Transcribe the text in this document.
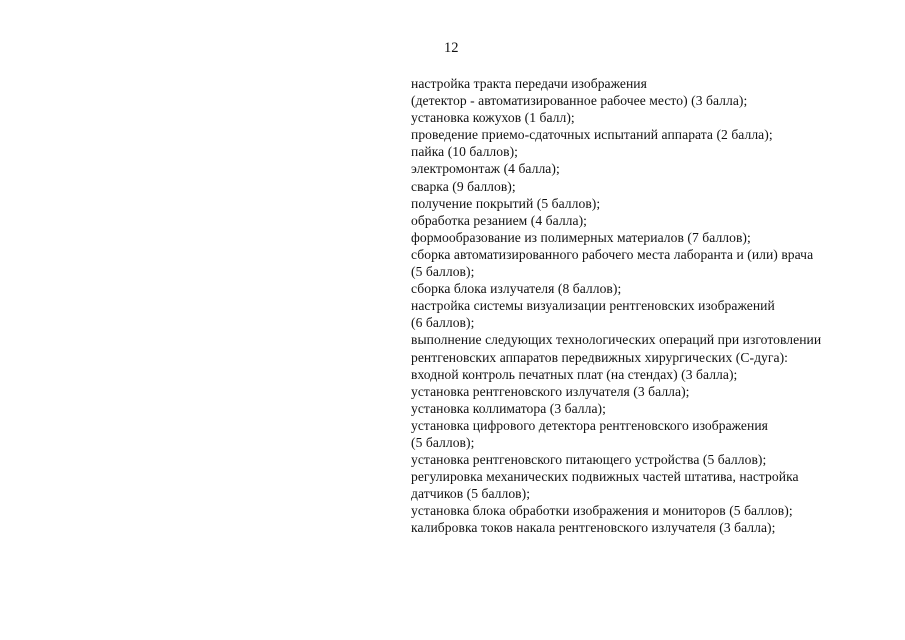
12
настройка тракта передачи изображения
(детектор - автоматизированное рабочее место) (3 балла);
установка кожухов (1 балл);
проведение приемо-сдаточных испытаний аппарата (2 балла);
пайка (10 баллов);
электромонтаж (4 балла);
сварка (9 баллов);
получение покрытий (5 баллов);
обработка резанием (4 балла);
формообразование из полимерных материалов (7 баллов);
сборка автоматизированного рабочего места лаборанта и (или) врача
(5 баллов);
сборка блока излучателя (8 баллов);
настройка системы визуализации рентгеновских изображений
(6 баллов);
выполнение следующих технологических операций при изготовлении
рентгеновских аппаратов передвижных хирургических (С-дуга):
входной контроль печатных плат (на стендах) (3 балла);
установка рентгеновского излучателя (3 балла);
установка коллиматора (3 балла);
установка цифрового детектора рентгеновского изображения
(5 баллов);
установка рентгеновского питающего устройства (5 баллов);
регулировка механических подвижных частей штатива, настройка
датчиков (5 баллов);
установка блока обработки изображения и мониторов (5 баллов);
калибровка токов накала рентгеновского излучателя (3 балла);
